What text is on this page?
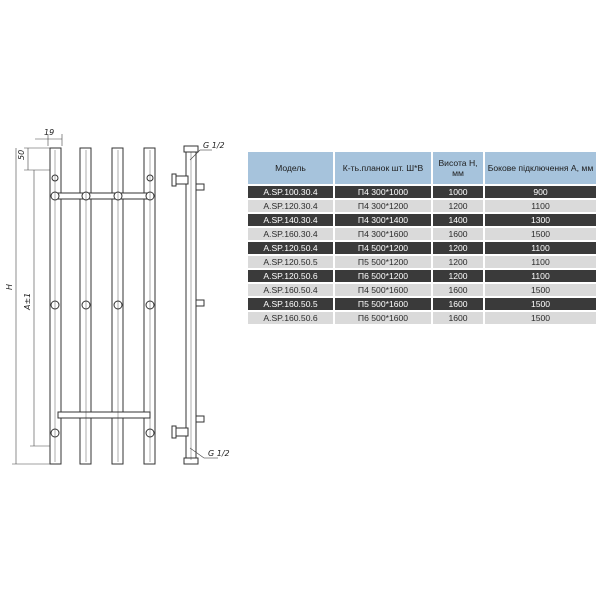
19
50
H
A±1
G 1/2
G 1/2
Модель	К-ть.планок шт. Ш*В	Висота Н, мм	Бокове підключення А, мм
A.SP.100.30.4	П4 300*1000	1000	900
A.SP.120.30.4	П4 300*1200	1200	1100
A.SP.140.30.4	П4 300*1400	1400	1300
A.SP.160.30.4	П4 300*1600	1600	1500
A.SP.120.50.4	П4 500*1200	1200	1100
A.SP.120.50.5	П5 500*1200	1200	1100
A.SP.120.50.6	П6 500*1200	1200	1100
A.SP.160.50.4	П4 500*1600	1600	1500
A.SP.160.50.5	П5 500*1600	1600	1500
A.SP.160.50.6	П6 500*1600	1600	1500
